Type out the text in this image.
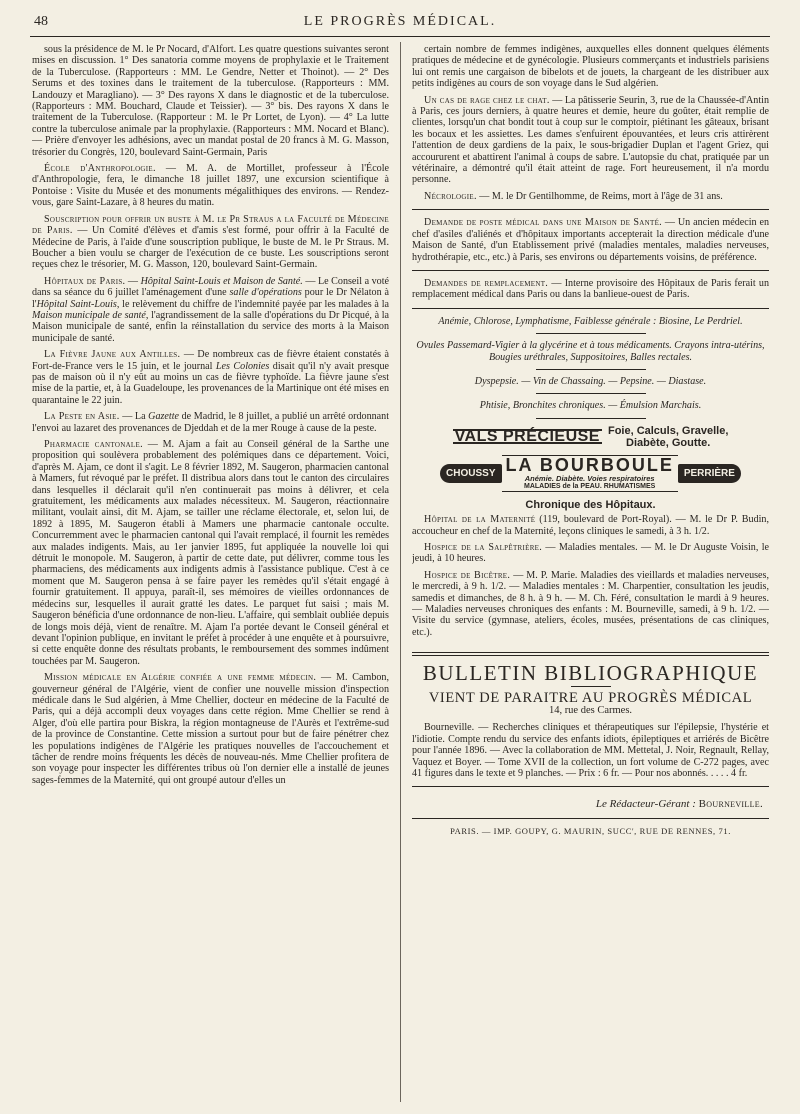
48	LE PROGRÈS MÉDICAL.

sous la présidence de M. le Pr Nocard, d'Alfort. Les quatre questions suivantes seront mises en discussion. 1° Des sanatoria comme moyens de prophylaxie et le Traitement de la Tuberculose. (Rapporteurs : MM. Le Gendre, Netter et Thoinot). — 2° Des Serums et des toxines dans le traitement de la tuberculose. (Rapporteurs : MM. Landouzy et Maragliano). — 3° Des rayons X dans le diagnostic et de la tuberculose. (Rapporteurs : MM. Bouchard, Claude et Teissier). — 3° bis. Des rayons X dans le traitement de la Tuberculose. (Rapporteur : M. le Pr Lortet, de Lyon). — 4° La lutte contre la tuberculose animale par la prophylaxie. (Rapporteurs : MM. Nocard et Blanc). — Prière d'envoyer les adhésions, avec un mandat postal de 20 francs à M. G. Masson, trésorier du Congrès, 120, boulevard Saint-Germain, Paris

École d'Anthropologie. — M. A. de Mortillet, professeur à l'École d'Anthropologie, fera, le dimanche 18 juillet 1897, une excursion scientifique à Pontoise : Visite du Musée et des monuments mégalithiques des environs. — Rendez-vous, gare Saint-Lazare, à 8 heures du matin.

Souscription pour offrir un buste à M. le Pr Straus a la Faculté de Médecine de Paris. — Un Comité d'élèves et d'amis s'est formé, pour offrir à la Faculté de Médecine de Paris, à l'aide d'une souscription publique, le buste de M. le Pr Straus. M. Boucher a bien voulu se charger de l'exécution de ce buste. Les souscriptions seront reçues chez le trésorier, M. G. Masson, 120, boulevard Saint-Germain.

Hôpitaux de Paris. — Hôpital Saint-Louis et Maison de Santé. — Le Conseil a voté dans sa séance du 6 juillet l'aménagement d'une salle d'opérations pour le Dr Nélaton à l'Hôpital Saint-Louis, le relèvement du chiffre de l'indemnité payée par les malades à la Maison municipale de santé, l'agrandissement de la salle d'opérations du Dr Picqué, à la Maison municipale de santé, enfin la réinstallation du service des morts à la Maison municipale de santé.

La Fièvre Jaune aux Antilles. — De nombreux cas de fièvre étaient constatés à Fort-de-France vers le 15 juin, et le journal Les Colonies disait qu'il n'y avait presque pas de maison où il n'y eût au moins un cas de fièvre typhoïde. La fièvre jaune s'est mise de la partie, et, à la Guadeloupe, les provenances de la Martinique ont été mises en quarantaine le 22 juin.

La Peste en Asie. — La Gazette de Madrid, le 8 juillet, a publié un arrêté ordonnant l'envoi au lazaret des provenances de Djeddah et de la mer Rouge à cause de la peste.

Pharmacie cantonale. — M. Ajam a fait au Conseil général de la Sarthe une proposition qui soulèvera probablement des polémiques dans ce département. Voici, d'après M. Ajam, ce dont il s'agit. Le 8 février 1892, M. Saugeron, pharmacien cantonal à Mamers, fut révoqué par le préfet. Il distribua alors dans tout le canton des circulaires dans lesquelles il déclarait qu'il n'en continuerait pas moins à délivrer, et cela gratuitement, les médicaments aux malades nécessiteux. M. Saugeron, réactionnaire militant, voulait ainsi, dit M. Ajam, se tailler une réclame électorale, et, selon lui, de 1892 à 1895, M. Saugeron établi à Mamers une pharmacie cantonale occulte. Concurremment avec le pharmacien cantonal qui l'avait remplacé, il fournit les remèdes aux malades indigents. Mais, au 1er janvier 1895, fut appliquée la nouvelle loi qui détruit le monopole. M. Saugeron, à partir de cette date, put délivrer, comme tous les pharmaciens, des médicaments aux indigents admis à l'assistance publique. C'est à ce moment que M. Saugeron pensa à se faire payer les remèdes qu'il s'était engagé à fournir gratuitement. Il appuya, paraît-il, ses mémoires de vieilles ordonnances de médecins sur, lesquelles il aurait gratté les dates. Le parquet fut saisi ; mais M. Saugeron bénéficia d'une ordonnance de non-lieu. L'affaire, qui semblait oubliée depuis de longs mois déjà, vient de renaître. M. Ajam l'a portée devant le Conseil général et devant l'opinion publique, en invitant le préfet à procéder à une enquête et à poursuivre, si cette enquête donne des résultats probants, le remboursement des sommes indûment touchées par M. Saugeron.

Mission médicale en Algérie confiée a une femme médecin. — M. Cambon, gouverneur général de l'Algérie, vient de confier une nouvelle mission d'inspection médicale dans le Sud algérien, à Mme Chellier, docteur en médecine de la Faculté de Paris, qui a déjà accompli deux voyages dans cette région. Mme Chellier se rend à Alger, d'où elle partira pour Biskra, la région montagneuse de l'Aurès et l'extrême-sud de la province de Constantine. Cette mission a surtout pour but de faire pénétrer chez les populations indigènes de l'Algérie les pratiques nouvelles de l'accouchement et tâcher de rendre moins fréquents les décès de nouveau-nés. Mme Chellier profitera de son voyage pour inspecter les différentes tribus où l'on dernier elle a installé de jeunes sages-femmes de la Maternité, qui ont groupé autour d'elles un

certain nombre de femmes indigènes, auxquelles elles donnent quelques éléments pratiques de médecine et de gynécologie. Plusieurs commerçants et industriels parisiens lui ont remis une cargaison de bibelots et de jouets, la chargeant de les distribuer aux petits indigènes au cours de son voyage dans le Sud algérien.

Un cas de rage chez le chat. — La pâtisserie Seurin, 3, rue de la Chaussée-d'Antin à Paris, ces jours derniers, à quatre heures et demie, heure du goûter, était remplie de clientes, lorsqu'un chat bondit tout à coup sur le comptoir, piétinant les gâteaux, brisant les bocaux et les assiettes. Les dames s'enfuirent épouvantées, et leurs cris attirèrent l'attention de deux gardiens de la paix, le sous-brigadier Duplan et l'agent Griez, qui accoururent et abattirent l'animal à coups de sabre. L'autopsie du chat, pratiquée par un vétérinaire, a démontré qu'il était atteint de rage. Fort heureusement, il n'a mordu personne.

Nécrologie. — M. le Dr Gentilhomme, de Reims, mort à l'âge de 31 ans.

Demande de poste médical dans une Maison de Santé. — Un ancien médecin en chef d'asiles d'aliénés et d'hôpitaux importants accepterait la direction médicale d'une Maison de Santé, d'un Etablissement privé (maladies mentales, maladies nerveuses, hydrothérapie, etc., etc.) à Paris, ses environs ou départements voisins, de préférence.

Demandes de remplacement. — Interne provisoire des Hôpitaux de Paris ferait un remplacement médical dans Paris ou dans la banlieue-ouest de Paris.

Anémie, Chlorose, Lymphatisme, Faiblesse générale : Biosine, Le Perdriel.

Ovules Passemard-Vigier à la glycérine et à tous médicaments. Crayons intra-utérins, Bougies uréthrales, Suppositoires, Balles rectales.

Dyspepsie. — Vin de Chassaing. — Pepsine. — Diastase.

Phtisie, Bronchites chroniques. — Émulsion Marchais.

VALS PRÉCIEUSE Foie, Calculs, Gravelle,
Diabète, Goutte.
CHOUSSY LA BOURBOULE
Anémie. Diabète. Voies respiratoires
MALADIES de la PEAU. RHUMATISMES
PERRIÈRE
Chronique des Hôpitaux.

Hôpital de la Maternité (119, boulevard de Port-Royal). — M. le Dr P. Budin, accoucheur en chef de la Maternité, leçons cliniques le samedi, à 3 h. 1/2.

Hospice de la Salpêtrière. — Maladies mentales. — M. le Dr Auguste Voisin, le jeudi, à 10 heures.

Hospice de Bicêtre. — M. P. Marie. Maladies des vieillards et maladies nerveuses, le mercredi, à 9 h. 1/2. — Maladies mentales : M. Charpentier, consultation les jeudis, samedis et dimanches, de 8 h. à 9 h. — M. Ch. Féré, consultation le mardi à 9 heures. — Maladies nerveuses chroniques des enfants : M. Bourneville, samedi, à 9 h. 1/2. — Visite du service (gymnase, ateliers, écoles, musées, présentations de cas cliniques, etc.).

BULLETIN BIBLIOGRAPHIQUE
VIENT DE PARAITRE AU PROGRÈS MÉDICAL
14, rue des Carmes.

Bourneville. — Recherches cliniques et thérapeutiques sur l'épilepsie, l'hystérie et l'idiotie. Compte rendu du service des enfants idiots, épileptiques et arriérés de Bicêtre pour l'année 1896. — Avec la collaboration de MM. Mettetal, J. Noir, Regnault, Rellay, Vaquez et Boyer. — Tome XVII de la collection, un fort volume de C-272 pages, avec 41 figures dans le texte et 9 planches. — Prix : 6 fr. — Pour nos abonnés. . . . . 4 fr.

Le Rédacteur-Gérant : Bourneville.

PARIS. — IMP. GOUPY, G. MAURIN, SUCC', RUE DE RENNES, 71.
